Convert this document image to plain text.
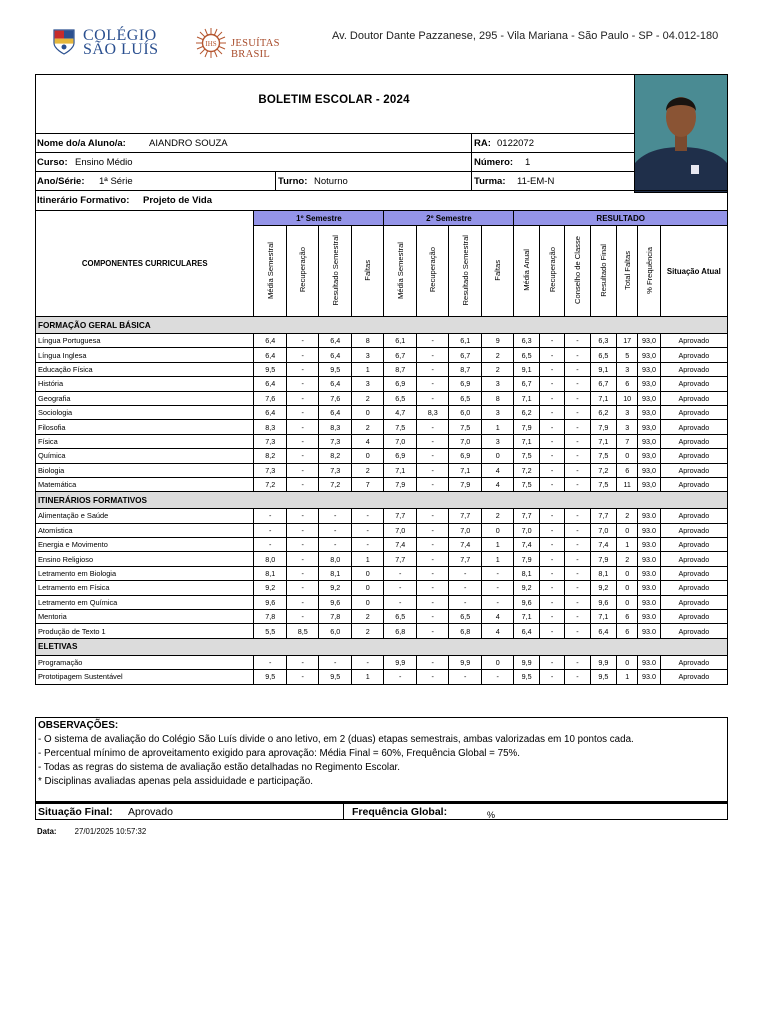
COLÉGIO
SÃO LUÍS	IHS JESUÍTAS BRASIL
Av. Doutor Dante Pazzanese, 295 - Vila Mariana - São Paulo - SP - 04.012-180
BOLETIM ESCOLAR - 2024
Nome do/a Aluno/a: AIANDRO SOUZA	RA: 0122072
Curso: Ensino Médio	Número: 1
Ano/Série: 1ª Série	Turno: Noturno	Turma: 11-EM-N
Itinerário Formativo: Projeto de Vida
COMPONENTES CURRICULARES	1º Semestre				2º Semestre				RESULTADO						
	Média Semestral	Recuperação	Resultado Semestral	Faltas	Média Semestral	Recuperação	Resultado Semestral	Faltas	Média Anual	Recuperação	Conselho de Classe	Resultado Final	Total Faltas	% Frequência	Situação Atual
FORMAÇÃO GERAL BÁSICA															
Língua Portuguesa	6,4	-	6,4	8	6,1	-	6,1	9	6,3	-	-	6,3	17	93,0	Aprovado
Língua Inglesa	6,4	-	6,4	3	6,7	-	6,7	2	6,5	-	-	6,5	5	93,0	Aprovado
Educação Física	9,5	-	9,5	1	8,7	-	8,7	2	9,1	-	-	9,1	3	93,0	Aprovado
História	6,4	-	6,4	3	6,9	-	6,9	3	6,7	-	-	6,7	6	93,0	Aprovado
Geografia	7,6	-	7,6	2	6,5	-	6,5	8	7,1	-	-	7,1	10	93,0	Aprovado
Sociologia	6,4	-	6,4	0	4,7	8,3	6,0	3	6,2	-	-	6,2	3	93,0	Aprovado
Filosofia	8,3	-	8,3	2	7,5	-	7,5	1	7,9	-	-	7,9	3	93,0	Aprovado
Física	7,3	-	7,3	4	7,0	-	7,0	3	7,1	-	-	7,1	7	93,0	Aprovado
Química	8,2	-	8,2	0	6,9	-	6,9	0	7,5	-	-	7,5	0	93,0	Aprovado
Biologia	7,3	-	7,3	2	7,1	-	7,1	4	7,2	-	-	7,2	6	93,0	Aprovado
Matemática	7,2	-	7,2	7	7,9	-	7,9	4	7,5	-	-	7,5	11	93,0	Aprovado
ITINERÁRIOS FORMATIVOS															
Alimentação e Saúde	-	-	-	-	7,7	-	7,7	2	7,7	-	-	7,7	2	93.0	Aprovado
Atomística	-	-	-	-	7,0	-	7,0	0	7,0	-	-	7,0	0	93.0	Aprovado
Energia e Movimento	-	-	-	-	7,4	-	7,4	1	7,4	-	-	7,4	1	93.0	Aprovado
Ensino Religioso	8,0	-	8,0	1	7,7	-	7,7	1	7,9	-	-	7,9	2	93.0	Aprovado
Letramento em Biologia	8,1	-	8,1	0	-	-	-	-	8,1	-	-	8,1	0	93.0	Aprovado
Letramento em Física	9,2	-	9,2	0	-	-	-	-	9,2	-	-	9,2	0	93.0	Aprovado
Letramento em Química	9,6	-	9,6	0	-	-	-	-	9,6	-	-	9,6	0	93.0	Aprovado
Mentoria	7,8	-	7,8	2	6,5	-	6,5	4	7,1	-	-	7,1	6	93.0	Aprovado
Produção de Texto 1	5,5	8,5	6,0	2	6,8	-	6,8	4	6,4	-	-	6,4	6	93.0	Aprovado
ELETIVAS															
Programação	-	-	-	-	9,9	-	9,9	0	9,9	-	-	9,9	0	93.0	Aprovado
Prototipagem Sustentável	9,5	-	9,5	1	-	-	-	-	9,5	-	-	9,5	1	93.0	Aprovado
OBSERVAÇÕES:
- O sistema de avaliação do Colégio São Luís divide o ano letivo, em 2 (duas) etapas semestrais, ambas valorizadas em 10 pontos cada.
- Percentual mínimo de aproveitamento exigido para aprovação: Média Final = 60%, Frequência Global = 75%.
- Todas as regras do sistema de avaliação estão detalhadas no Regimento Escolar.
* Disciplinas avaliadas apenas pela assiduidade e participação.
Situação Final: Aprovado	Frequência Global:	%
Data: 27/01/2025 10:57:32
